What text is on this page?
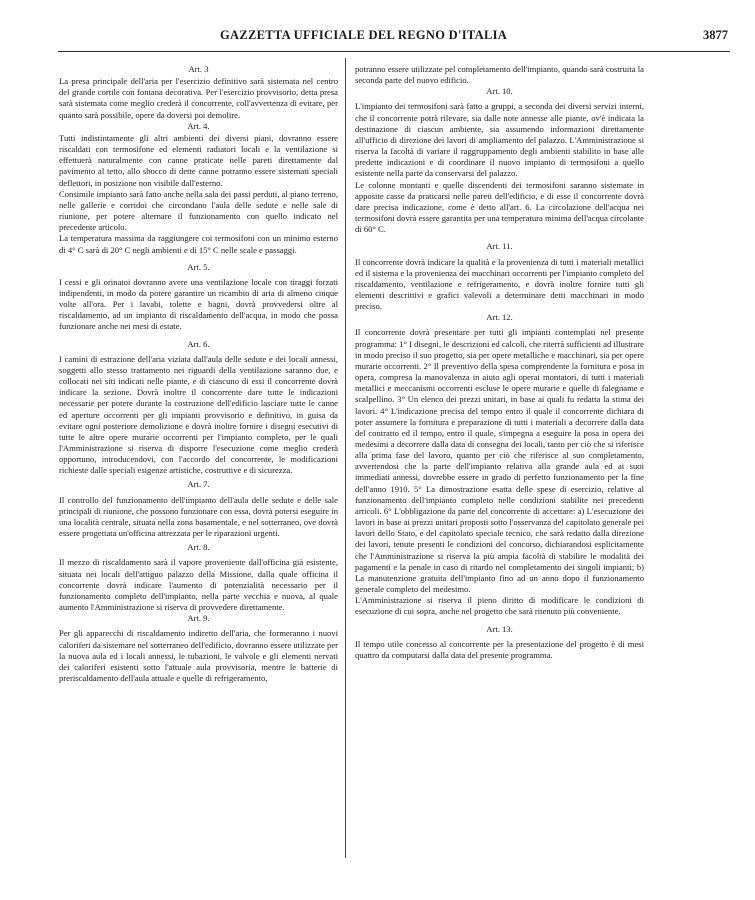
GAZZETTA UFFICIALE DEL REGNO D'ITALIA	3877
Art. 3

La presa principale dell'aria per l'esercizio definitivo sarà sistemata nel centro del grande cortile con fontana decorativa. Per l'esercizio provvisorio, detta presa sarà sistemata come meglio crederà il concorrente, coll'avvertenza di evitare, per quanto sarà possibile, opere da doversi poi demolire.

Art. 4.

Tutti indistintamente gli altri ambienti dei diversi piani, dovranno essere riscaldati con termosifone ed elementi radiatori locali e la ventilazione si effettuerà naturalmente con canne praticate nelle pareti direttamente dal pavimento al tetto, allo sbocco di dette canne potranno essere sistemati speciali deflettori, in posizione non visibile dall'esterno.

Consimile impianto sarà fatto anche nella sala dei passi perduti, al piano terreno, nelle gallerie e corridoi che circondano l'aula delle sedute e nelle sale di riunione, per potere alternare il funzionamento con quello indicato nel precedente articolo.

La temperatura massima da raggiungere coi termosifoni con un minimo esterno di 4° C sarà di 20° C negli ambienti e di 15° C nelle scale e passaggi.

Art. 5.

I cessi e gli orinatoi dovranno avere una ventilazione locale con tiraggi forzati indipendenti, in modo da potere garantire un ricambio di aria di almeno cinque volte all'ora. Per i lavabi, tolette e bagni, dovrà provvedersi oltre al riscaldamento, ad un impianto di riscaldamento dell'acqua, in modo che possa funzionare anche nei mesi di estate.

Art. 6.

I camini di estrazione dell'aria viziata dall'aula delle sedute e dei locali annessi, soggetti allo stesso trattamento nei riguardi della ventilazione saranno due, e collocati nei siti indicati nelle piante, e di ciascuno di essi il concorrente dovrà indicare la sezione. Dovrà inoltre il concorrente dare tutte le indicazioni necessarie per potere durante la costruzione dell'edificio lasciare tutte le canne ed aperture occorrenti per gli impianti provvisorio e definitivo, in guisa da evitare ogni posteriore demolizione e dovrà inoltre fornire i disegni esecutivi di tutte le altre opere murarie occorrenti per l'impianto completo, per le quali l'Amministrazione si riserva di disporre l'esecuzione come meglio crederà opportuno, introducendovi, con l'accordo del concorrente, le modificazioni richieste dalle speciali esigenze artistiche, costruttive e di sicurezza.

Art. 7.

Il controllo del funzionamento dell'impianto dell'aula delle sedute e delle sale principali di riunione, che possono funzionare con essa, dovrà potersi eseguire in una località centrale, situata nella zona basamentale, e nel sotterraneo, ove dovrà essere progettata un'officina attrezzata per le riparazioni urgenti.

Art. 8.

Il mezzo di riscaldamento sarà il vapore proveniente dall'officina già esistente, situata nei locali dell'attiguo palazzo della Missione, dalla quale officina il concorrente dovrà indicare l'aumento di potenzialità necessario per il funzionamento completo dell'impianto, nella parte vecchia e nuova, al quale aumento l'Amministrazione si riserva di provvedere direttamente.

Art. 9.

Per gli apparecchi di riscaldamento indiretto dell'aria, che formeranno i nuovi caloriferi da sistemare nel sotterraneo dell'edificio, dovranno essere utilizzate per la nuova aula ed i locali annessi, le tubazioni, le valvole e gli elementi nervati dei caloriferi esistenti sotto l'attuale aula provvisoria, mentre le batterie di preriscaldamento dell'aula attuale e quelle di refrigeramento,

potranno essere utilizzate pel completamento dell'impianto, quando sarà costruita la seconda parte del nuovo edificio.

Art. 10.

L'impianto dei termosifoni sarà fatto a gruppi, a seconda dei diversi servizi interni, che il concorrente potrà rilevare, sia dalle note annesse alle piante, ov'è indicata la destinazione di ciascun ambiente, sia assumendo informazioni direttamente all'ufficio di direzione dei lavori di ampliamento del palazzo. L'Amministrazione si riserva la facoltà di variare il raggruppamento degli ambienti stabilito in base alle predette indicazioni e di coordinare il nuovo impianto di termosifoni a quello esistente nella parte da conservarsi del palazzo.

Le colonne montanti e quelle discendenti dei termosifoni saranno sistemate in apposite casse da praticarsi nelle pareti dell'edificio, e di esse il concorrente dovrà dare precisa indicazione, come è detto all'art. 6. La circolazione dell'acqua nei termosifoni dovrà essere garantita per una temperatura minima dell'acqua circolante di 60° C.

Art. 11.

Il concorrente dovrà indicare la qualità e la provenienza di tutti i materiali metallici ed il sistema e la provenienza dei macchinari occorrenti per l'impianto completo del riscaldamento, ventilazione e refrigeramento, e dovrà inoltre fornire tutti gli elementi descrittivi e grafici valevoli a determinare detti macchinari in modo preciso.

Art. 12.

Il concorrente dovrà presentare per tutti gli impianti contemplati nel presente programma: 1° I disegni, le descrizioni ed calcoli, che riterrà sufficienti ad illustrare in modo preciso il suo progetto, sia per opere metalliche e macchinari, sia per opere murarie occorrenti. 2° Il preventivo della spesa comprendente la fornitura e posa in opera, compresa la manovalenza in aiuto agli operai montatori, di tutti i materiali metallici e meccanismi occorrenti escluse le opere murarie e quelle di falegname e scalpellino. 3° Un elenco dei prezzi unitari, in base ai quali fu redatta la stima dei lavori. 4° L'indicazione precisa del tempo entro il quale il concorrente dichiara di poter assumere la fornitura e preparazione di tutti i materiali a decorrere dalla data del contratto ed il tempo, entro il quale, s'impegna a eseguire la posa in opera dei medesimi a decorrere dalla data di consegna dei locali, tanto per ciò che si riferisce alla prima fase del lavoro, quanto per ciò che riferisce al suo completamento, avvertendosi che la parte dell'impianto relativa alla grande aula ed ai suoi immediati annessi, dovrebbe essere in grado di perfetto funzionamento per la fine dell'anno 1910. 5° La dimostrazione esatta delle spese di esercizio, relative al funzionamento dell'impianto completo nelle condizioni stabilite nei precedenti articoli. 6° L'obbligazione da parte del concorrente di accettare: a) L'esecuzione dei lavori in base ai prezzi unitari proposti sotto l'osservanza del capitolato generale pei lavori dello Stato, e del capitolato speciale tecnico, che sarà redatto dalla direzione dei lavori, tenute presenti le condizioni del concorso, dichiarandosi esplicitamente che l'Amministrazione si riserva la più ampia facoltà di stabilire le modalità dei pagamenti e la penale in caso di ritardo nel completamento dei singoli impianti; b) La manutenzione gratuita dell'impianto fino ad un anno dopo il funzionamento generale completo del medesimo.

L'Amministrazione si riserva il pieno diritto di modificare le condizioni di esecuzione di cui sopra, anche nel progetto che sarà ritenuto più conveniente.

Art. 13.

Il tempo utile concesso al concorrente per la presentazione del progetto è di mesi quattro da computarsi dalla data del presente programma.
